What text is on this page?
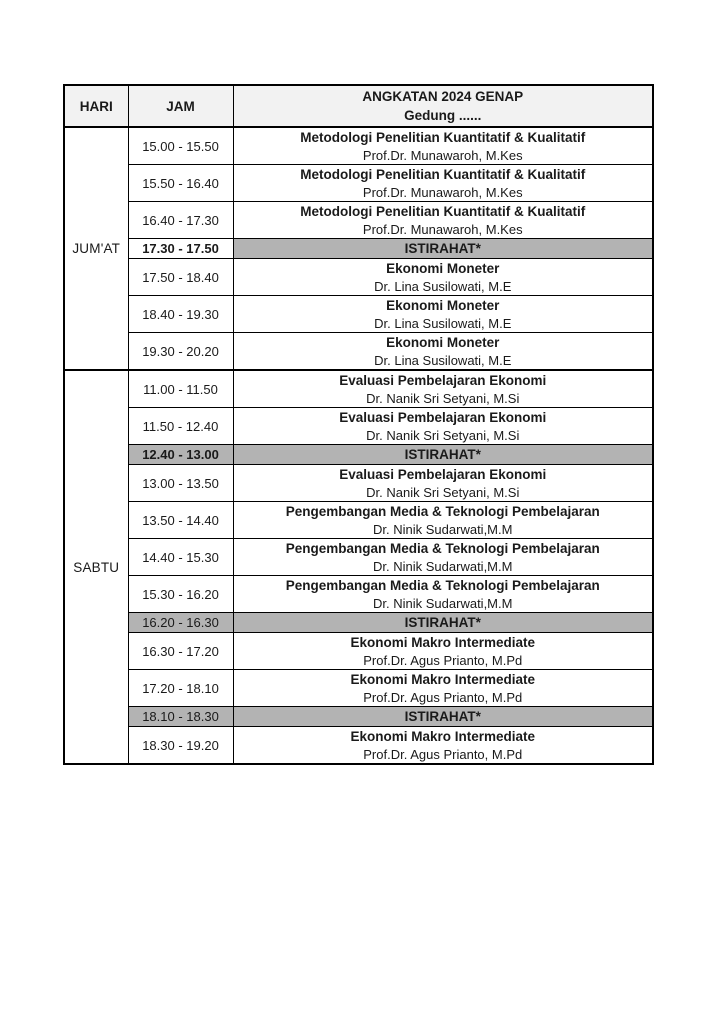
HARI	JAM	ANGKATAN 2024 GENAP
Gedung ......

JUM'AT	15.00 - 15.50	Metodologi Penelitian Kuantitatif & Kualitatif
Prof.Dr. Munawaroh, M.Kes

	15.50 - 16.40	Metodologi Penelitian Kuantitatif & Kualitatif
Prof.Dr. Munawaroh, M.Kes

	16.40 - 17.30	Metodologi Penelitian Kuantitatif & Kualitatif
Prof.Dr. Munawaroh, M.Kes

	17.30 - 17.50	ISTIRAHAT*
	17.50 - 18.40	Ekonomi Moneter
Dr. Lina Susilowati, M.E

	18.40 - 19.30	Ekonomi Moneter
Dr. Lina Susilowati, M.E

	19.30 - 20.20	Ekonomi Moneter
Dr. Lina Susilowati, M.E

SABTU	11.00 - 11.50	Evaluasi Pembelajaran Ekonomi
Dr. Nanik Sri Setyani, M.Si

	11.50 - 12.40	Evaluasi Pembelajaran Ekonomi
Dr. Nanik Sri Setyani, M.Si

	12.40 - 13.00	ISTIRAHAT*
	13.00 - 13.50	Evaluasi Pembelajaran Ekonomi
Dr. Nanik Sri Setyani, M.Si

	13.50 - 14.40	Pengembangan Media & Teknologi Pembelajaran
Dr. Ninik Sudarwati,M.M

	14.40 - 15.30	Pengembangan Media & Teknologi Pembelajaran
Dr. Ninik Sudarwati,M.M

	15.30 - 16.20	Pengembangan Media & Teknologi Pembelajaran
Dr. Ninik Sudarwati,M.M

	16.20 - 16.30	ISTIRAHAT*
	16.30 - 17.20	Ekonomi Makro Intermediate
Prof.Dr. Agus Prianto, M.Pd

	17.20 - 18.10	Ekonomi Makro Intermediate
Prof.Dr. Agus Prianto, M.Pd

	18.10 - 18.30	ISTIRAHAT*
	18.30 - 19.20	Ekonomi Makro Intermediate
Prof.Dr. Agus Prianto, M.Pd
